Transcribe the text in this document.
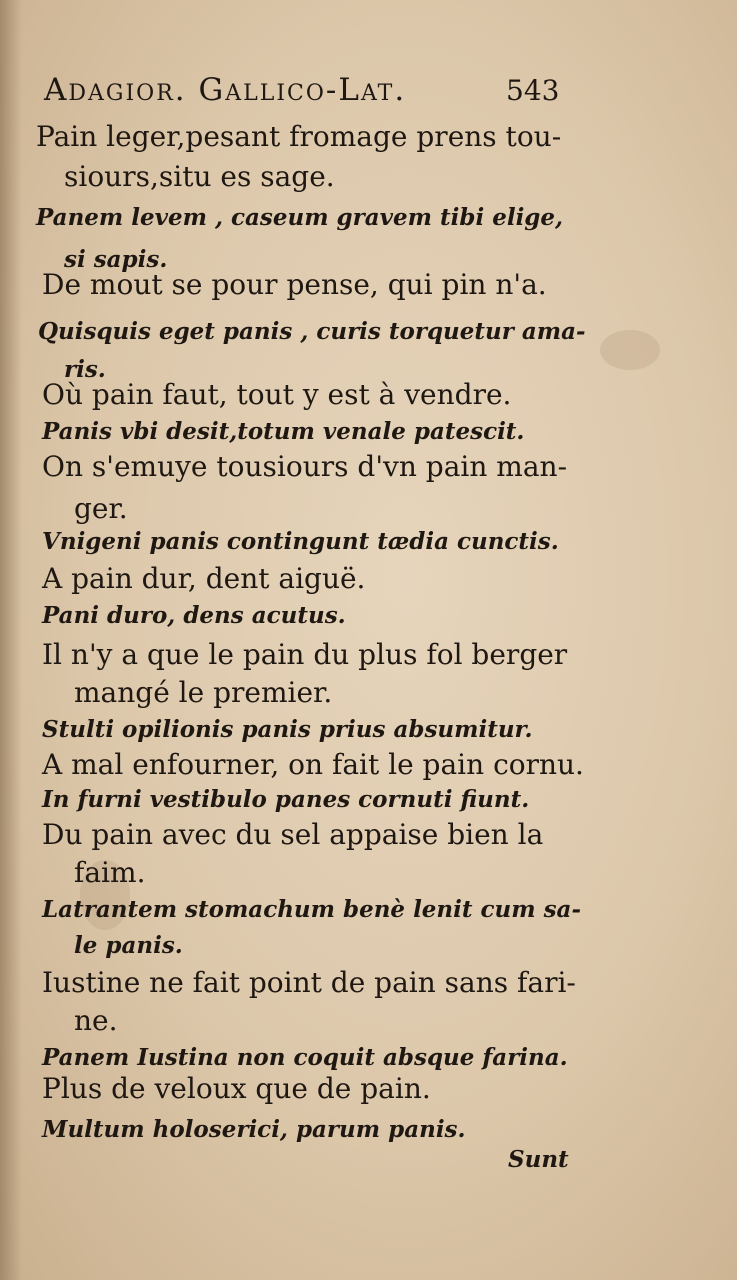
Adagior. Gallico-Lat.	543
Pain leger,pesant fromage prens tou-
siours,situ es sage.
Panem levem , caseum gravem tibi elige,
si sapis.
De mout se pour pense, qui pin n'a.
Quisquis eget panis , curis torquetur ama-
ris.
Où pain faut, tout y est à vendre.
Panis vbi desit,totum venale patescit.
On s'emuye tousiours d'vn pain man-
ger.
Vnigeni panis contingunt tædia cunctis.
A pain dur, dent aiguë.
Pani duro, dens acutus.
Il n'y a que le pain du plus fol berger
mangé le premier.
Stulti opilionis panis prius absumitur.
A mal enfourner, on fait le pain cornu.
In furni vestibulo panes cornuti fiunt.
Du pain avec du sel appaise bien la
faim.
Latrantem stomachum benè lenit cum sa-
le panis.
Iustine ne fait point de pain sans fari-
ne.
Panem Iustina non coquit absque farina.
Plus de veloux que de pain.
Multum holoserici, parum panis.
Sunt
